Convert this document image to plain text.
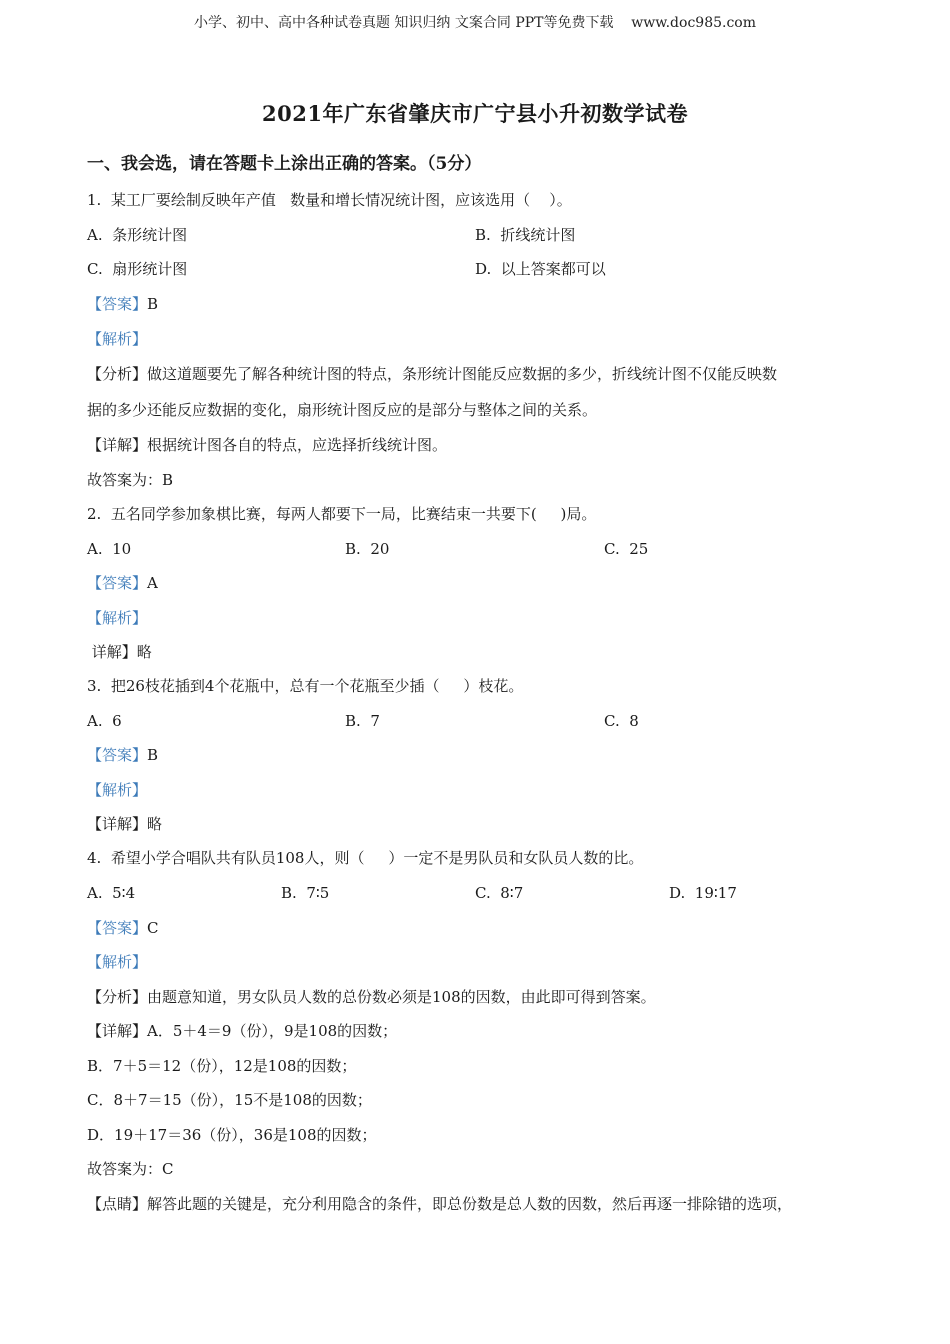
小学、初中、高中各种试卷真题 知识归纳 文案合同 PPT等免费下载    www.doc985.com
2021年广东省肇庆市广宁县小升初数学试卷
一、我会选，请在答题卡上涂出正确的答案。（5分）
1.  某工厂要绘制反映年产值   数量和增长情况统计图，应该选用（    ）。
A.  条形统计图	B.  折线统计图
C.  扇形统计图	D.  以上答案都可以
【答案】B
【解析】
【分析】做这道题要先了解各种统计图的特点，条形统计图能反应数据的多少，折线统计图不仅能反映数
据的多少还能反应数据的变化，扇形统计图反应的是部分与整体之间的关系。
【详解】根据统计图各自的特点，应选择折线统计图。
故答案为：B
2.  五名同学参加象棋比赛，每两人都要下一局，比赛结束一共要下(     )局。
A.  10	B.  20	C.  25
【答案】A
【解析】
详解】略
3.  把26枝花插到4个花瓶中，总有一个花瓶至少插（     ）枝花。
A.  6	B.  7	C.  8
【答案】B
【解析】
【详解】略
4.  希望小学合唱队共有队员108人，则（     ）一定不是男队员和女队员人数的比。
A.  5∶4	B.  7∶5	C.  8∶7	D.  19∶17
【答案】C
【解析】
【分析】由题意知道，男女队员人数的总份数必须是108的因数，由此即可得到答案。
【详解】A．5＋4＝9（份），9是108的因数；
B．7＋5＝12（份），12是108的因数；
C．8＋7＝15（份），15不是108的因数；
D．19＋17＝36（份），36是108的因数；
故答案为：C
【点睛】解答此题的关键是，充分利用隐含的条件，即总份数是总人数的因数，然后再逐一排除错的选项，
